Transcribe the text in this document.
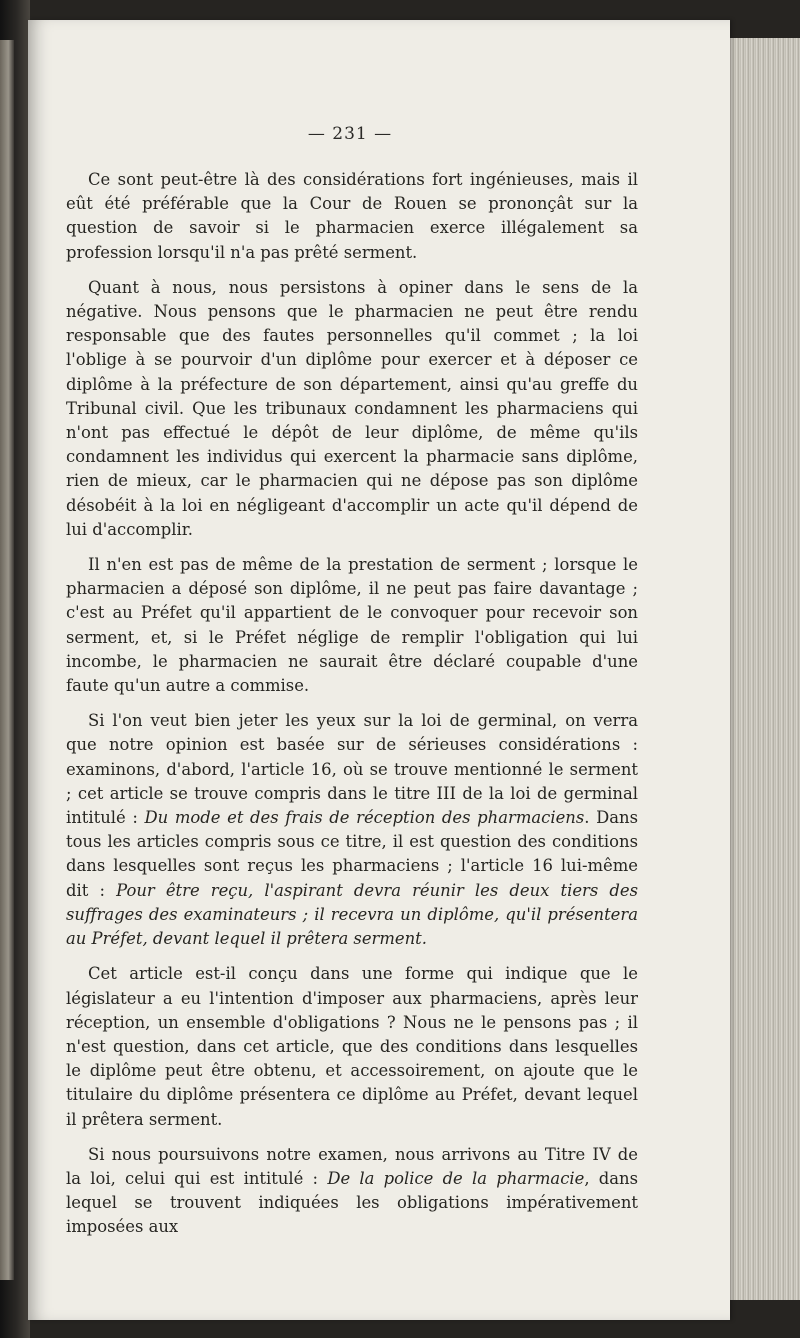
— 231 —

Ce sont peut-être là des considérations fort ingénieuses, mais il eût été préférable que la Cour de Rouen se prononçât sur la question de savoir si le pharmacien exerce illégalement sa profession lorsqu'il n'a pas prêté serment.

Quant à nous, nous persistons à opiner dans le sens de la négative. Nous pensons que le pharmacien ne peut être rendu responsable que des fautes personnelles qu'il commet ; la loi l'oblige à se pourvoir d'un diplôme pour exercer et à déposer ce diplôme à la préfecture de son département, ainsi qu'au greffe du Tribunal civil. Que les tribunaux condamnent les pharmaciens qui n'ont pas effectué le dépôt de leur diplôme, de même qu'ils condamnent les individus qui exercent la pharmacie sans diplôme, rien de mieux, car le pharmacien qui ne dépose pas son diplôme désobéit à la loi en négligeant d'accomplir un acte qu'il dépend de lui d'accomplir.

Il n'en est pas de même de la prestation de serment ; lorsque le pharmacien a déposé son diplôme, il ne peut pas faire davantage ; c'est au Préfet qu'il appartient de le convoquer pour recevoir son serment, et, si le Préfet néglige de remplir l'obligation qui lui incombe, le pharmacien ne saurait être déclaré coupable d'une faute qu'un autre a commise.

Si l'on veut bien jeter les yeux sur la loi de germinal, on verra que notre opinion est basée sur de sérieuses considérations : examinons, d'abord, l'article 16, où se trouve mentionné le serment ; cet article se trouve compris dans le titre III de la loi de germinal intitulé : Du mode et des frais de réception des pharmaciens. Dans tous les articles compris sous ce titre, il est question des conditions dans lesquelles sont reçus les pharmaciens ; l'article 16 lui-même dit : Pour être reçu, l'aspirant devra réunir les deux tiers des suffrages des examinateurs ; il recevra un diplôme, qu'il présentera au Préfet, devant lequel il prêtera serment.

Cet article est-il conçu dans une forme qui indique que le législateur a eu l'intention d'imposer aux pharmaciens, après leur réception, un ensemble d'obligations ? Nous ne le pensons pas ; il n'est question, dans cet article, que des conditions dans lesquelles le diplôme peut être obtenu, et accessoirement, on ajoute que le titulaire du diplôme présentera ce diplôme au Préfet, devant lequel il prêtera serment.

Si nous poursuivons notre examen, nous arrivons au Titre IV de la loi, celui qui est intitulé : De la police de la pharmacie, dans lequel se trouvent indiquées les obligations impérativement imposées aux
